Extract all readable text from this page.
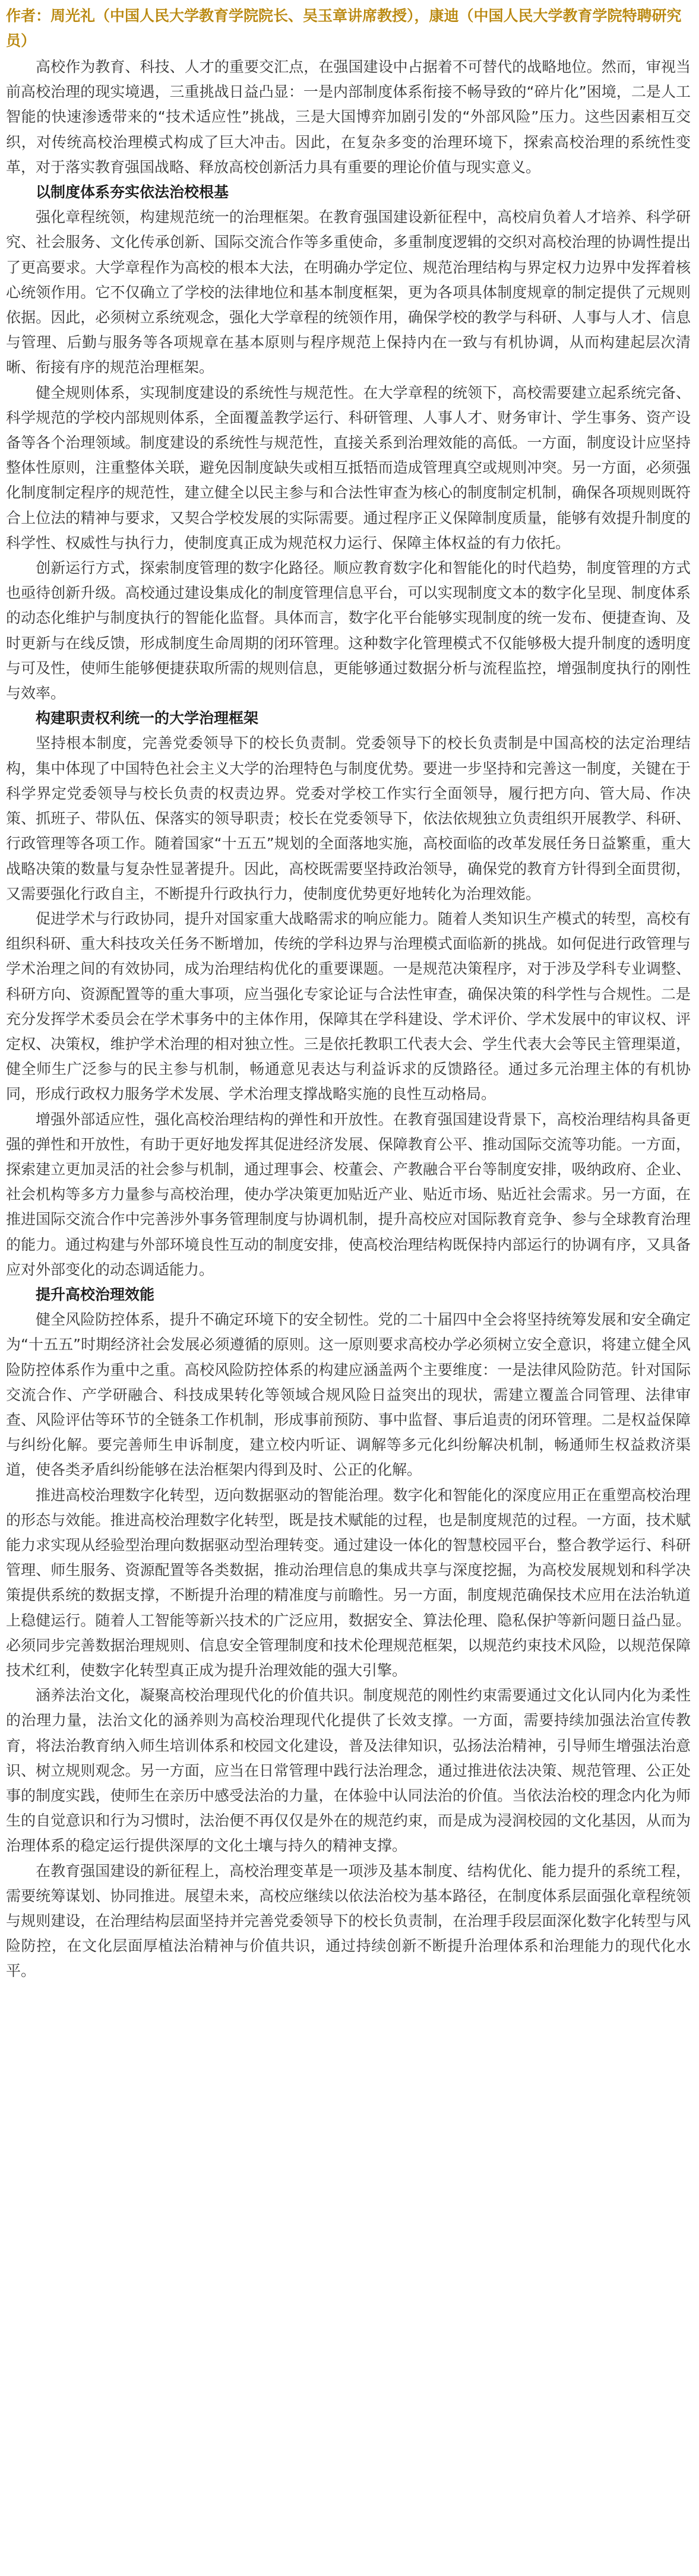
作者：周光礼（中国人民大学教育学院院长、吴玉章讲席教授），康迪（中国人民大学教育学院特聘研究员）

高校作为教育、科技、人才的重要交汇点，在强国建设中占据着不可替代的战略地位。然而，审视当前高校治理的现实境遇，三重挑战日益凸显：一是内部制度体系衔接不畅导致的“碎片化”困境，二是人工智能的快速渗透带来的“技术适应性”挑战，三是大国博弈加剧引发的“外部风险”压力。这些因素相互交织，对传统高校治理模式构成了巨大冲击。因此，在复杂多变的治理环境下，探索高校治理的系统性变革，对于落实教育强国战略、释放高校创新活力具有重要的理论价值与现实意义。

以制度体系夯实依法治校根基

强化章程统领，构建规范统一的治理框架。在教育强国建设新征程中，高校肩负着人才培养、科学研究、社会服务、文化传承创新、国际交流合作等多重使命，多重制度逻辑的交织对高校治理的协调性提出了更高要求。大学章程作为高校的根本大法，在明确办学定位、规范治理结构与界定权力边界中发挥着核心统领作用。它不仅确立了学校的法律地位和基本制度框架，更为各项具体制度规章的制定提供了元规则依据。因此，必须树立系统观念，强化大学章程的统领作用，确保学校的教学与科研、人事与人才、信息与管理、后勤与服务等各项规章在基本原则与程序规范上保持内在一致与有机协调，从而构建起层次清晰、衔接有序的规范治理框架。

健全规则体系，实现制度建设的系统性与规范性。在大学章程的统领下，高校需要建立起系统完备、科学规范的学校内部规则体系，全面覆盖教学运行、科研管理、人事人才、财务审计、学生事务、资产设备等各个治理领域。制度建设的系统性与规范性，直接关系到治理效能的高低。一方面，制度设计应坚持整体性原则，注重整体关联，避免因制度缺失或相互抵牾而造成管理真空或规则冲突。另一方面，必须强化制度制定程序的规范性，建立健全以民主参与和合法性审查为核心的制度制定机制，确保各项规则既符合上位法的精神与要求，又契合学校发展的实际需要。通过程序正义保障制度质量，能够有效提升制度的科学性、权威性与执行力，使制度真正成为规范权力运行、保障主体权益的有力依托。

创新运行方式，探索制度管理的数字化路径。顺应教育数字化和智能化的时代趋势，制度管理的方式也亟待创新升级。高校通过建设集成化的制度管理信息平台，可以实现制度文本的数字化呈现、制度体系的动态化维护与制度执行的智能化监督。具体而言，数字化平台能够实现制度的统一发布、便捷查询、及时更新与在线反馈，形成制度生命周期的闭环管理。这种数字化管理模式不仅能够极大提升制度的透明度与可及性，使师生能够便捷获取所需的规则信息，更能够通过数据分析与流程监控，增强制度执行的刚性与效率。

构建职责权利统一的大学治理框架

坚持根本制度，完善党委领导下的校长负责制。党委领导下的校长负责制是中国高校的法定治理结构，集中体现了中国特色社会主义大学的治理特色与制度优势。要进一步坚持和完善这一制度，关键在于科学界定党委领导与校长负责的权责边界。党委对学校工作实行全面领导，履行把方向、管大局、作决策、抓班子、带队伍、保落实的领导职责；校长在党委领导下，依法依规独立负责组织开展教学、科研、行政管理等各项工作。随着国家“十五五”规划的全面落地实施，高校面临的改革发展任务日益繁重，重大战略决策的数量与复杂性显著提升。因此，高校既需要坚持政治领导，确保党的教育方针得到全面贯彻，又需要强化行政自主，不断提升行政执行力，使制度优势更好地转化为治理效能。

促进学术与行政协同，提升对国家重大战略需求的响应能力。随着人类知识生产模式的转型，高校有组织科研、重大科技攻关任务不断增加，传统的学科边界与治理模式面临新的挑战。如何促进行政管理与学术治理之间的有效协同，成为治理结构优化的重要课题。一是规范决策程序，对于涉及学科专业调整、科研方向、资源配置等的重大事项，应当强化专家论证与合法性审查，确保决策的科学性与合规性。二是充分发挥学术委员会在学术事务中的主体作用，保障其在学科建设、学术评价、学术发展中的审议权、评定权、决策权，维护学术治理的相对独立性。三是依托教职工代表大会、学生代表大会等民主管理渠道，健全师生广泛参与的民主参与机制，畅通意见表达与利益诉求的反馈路径。通过多元治理主体的有机协同，形成行政权力服务学术发展、学术治理支撑战略实施的良性互动格局。

增强外部适应性，强化高校治理结构的弹性和开放性。在教育强国建设背景下，高校治理结构具备更强的弹性和开放性，有助于更好地发挥其促进经济发展、保障教育公平、推动国际交流等功能。一方面，探索建立更加灵活的社会参与机制，通过理事会、校董会、产教融合平台等制度安排，吸纳政府、企业、社会机构等多方力量参与高校治理，使办学决策更加贴近产业、贴近市场、贴近社会需求。另一方面，在推进国际交流合作中完善涉外事务管理制度与协调机制，提升高校应对国际教育竞争、参与全球教育治理的能力。通过构建与外部环境良性互动的制度安排，使高校治理结构既保持内部运行的协调有序，又具备应对外部变化的动态调适能力。

提升高校治理效能

健全风险防控体系，提升不确定环境下的安全韧性。党的二十届四中全会将坚持统筹发展和安全确定为“十五五”时期经济社会发展必须遵循的原则。这一原则要求高校办学必须树立安全意识，将建立健全风险防控体系作为重中之重。高校风险防控体系的构建应涵盖两个主要维度：一是法律风险防范。针对国际交流合作、产学研融合、科技成果转化等领域合规风险日益突出的现状，需建立覆盖合同管理、法律审查、风险评估等环节的全链条工作机制，形成事前预防、事中监督、事后追责的闭环管理。二是权益保障与纠纷化解。要完善师生申诉制度，建立校内听证、调解等多元化纠纷解决机制，畅通师生权益救济渠道，使各类矛盾纠纷能够在法治框架内得到及时、公正的化解。

推进高校治理数字化转型，迈向数据驱动的智能治理。数字化和智能化的深度应用正在重塑高校治理的形态与效能。推进高校治理数字化转型，既是技术赋能的过程，也是制度规范的过程。一方面，技术赋能力求实现从经验型治理向数据驱动型治理转变。通过建设一体化的智慧校园平台，整合教学运行、科研管理、师生服务、资源配置等各类数据，推动治理信息的集成共享与深度挖掘，为高校发展规划和科学决策提供系统的数据支撑，不断提升治理的精准度与前瞻性。另一方面，制度规范确保技术应用在法治轨道上稳健运行。随着人工智能等新兴技术的广泛应用，数据安全、算法伦理、隐私保护等新问题日益凸显。必须同步完善数据治理规则、信息安全管理制度和技术伦理规范框架，以规范约束技术风险，以规范保障技术红利，使数字化转型真正成为提升治理效能的强大引擎。

涵养法治文化，凝聚高校治理现代化的价值共识。制度规范的刚性约束需要通过文化认同内化为柔性的治理力量，法治文化的涵养则为高校治理现代化提供了长效支撑。一方面，需要持续加强法治宣传教育，将法治教育纳入师生培训体系和校园文化建设，普及法律知识，弘扬法治精神，引导师生增强法治意识、树立规则观念。另一方面，应当在日常管理中践行法治理念，通过推进依法决策、规范管理、公正处事的制度实践，使师生在亲历中感受法治的力量，在体验中认同法治的价值。当依法治校的理念内化为师生的自觉意识和行为习惯时，法治便不再仅仅是外在的规范约束，而是成为浸润校园的文化基因，从而为治理体系的稳定运行提供深厚的文化土壤与持久的精神支撑。

在教育强国建设的新征程上，高校治理变革是一项涉及基本制度、结构优化、能力提升的系统工程，需要统筹谋划、协同推进。展望未来，高校应继续以依法治校为基本路径，在制度体系层面强化章程统领与规则建设，在治理结构层面坚持并完善党委领导下的校长负责制，在治理手段层面深化数字化转型与风险防控，在文化层面厚植法治精神与价值共识，通过持续创新不断提升治理体系和治理能力的现代化水平。
